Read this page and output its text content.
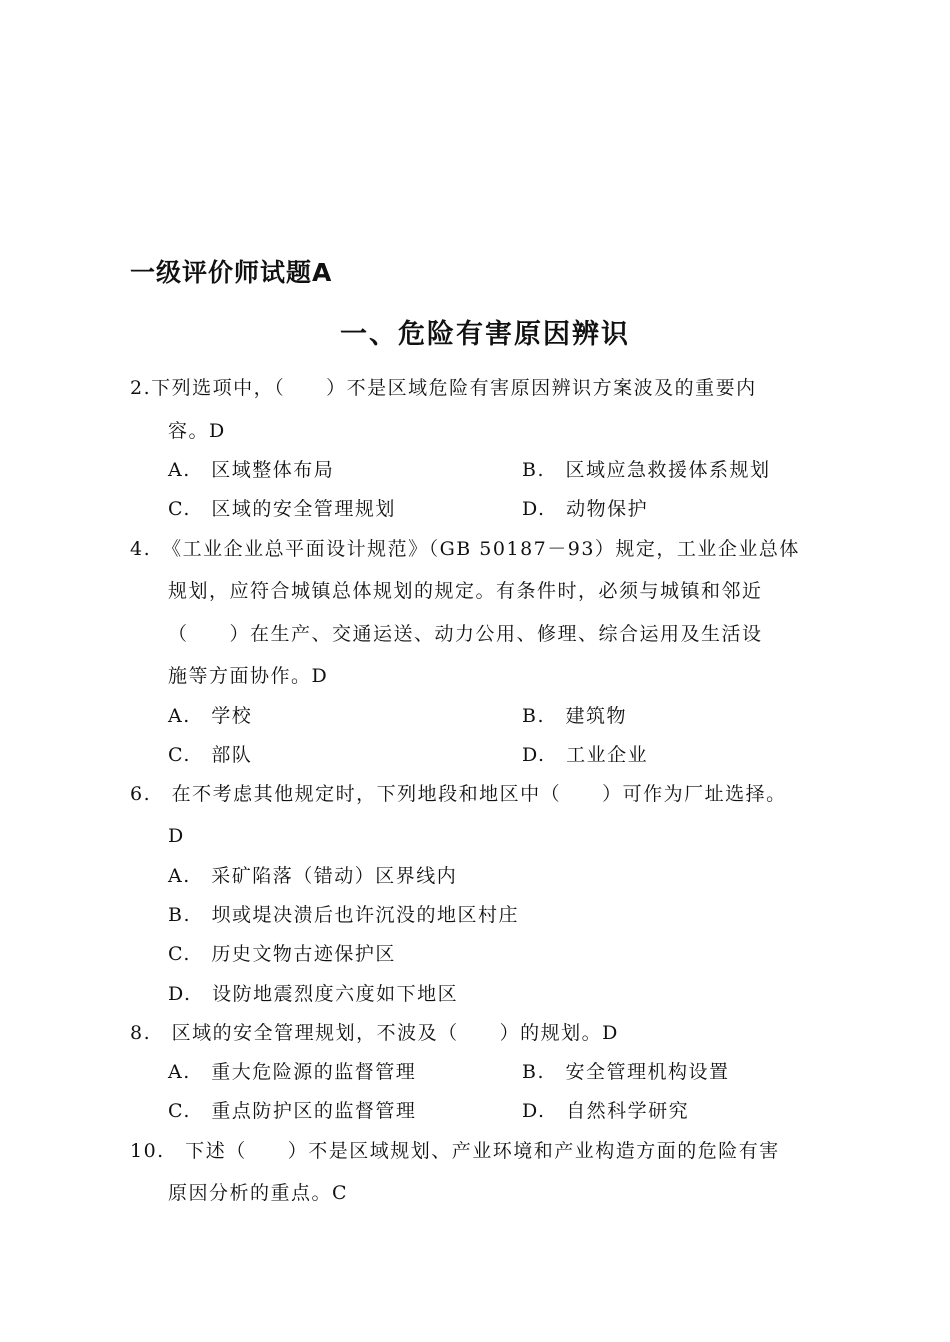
一级评价师试题A
一、危险有害原因辨识
2.下列选项中，（　　）不是区域危险有害原因辨识方案波及的重要内
容。D
A.　区域整体布局	B.　区域应急救援体系规划
C.　区域的安全管理规划	D.　动物保护
4.　《工业企业总平面设计规范》（GB 50187－93）规定，工业企业总体
规划，应符合城镇总体规划的规定。有条件时，必须与城镇和邻近
（　　）在生产、交通运送、动力公用、修理、综合运用及生活设
施等方面协作。D
A.　学校	B.　建筑物
C.　部队	D.　工业企业
6.　在不考虑其他规定时，下列地段和地区中（　　）可作为厂址选择。
D
A.　采矿陷落（错动）区界线内
B.　坝或堤决溃后也许沉没的地区村庄
C.　历史文物古迹保护区
D.　设防地震烈度六度如下地区
8.　区域的安全管理规划，不波及（　　）的规划。D
A.　重大危险源的监督管理	B.　安全管理机构设置
C.　重点防护区的监督管理	D.　自然科学研究
10.　下述（　　）不是区域规划、产业环境和产业构造方面的危险有害
原因分析的重点。C
